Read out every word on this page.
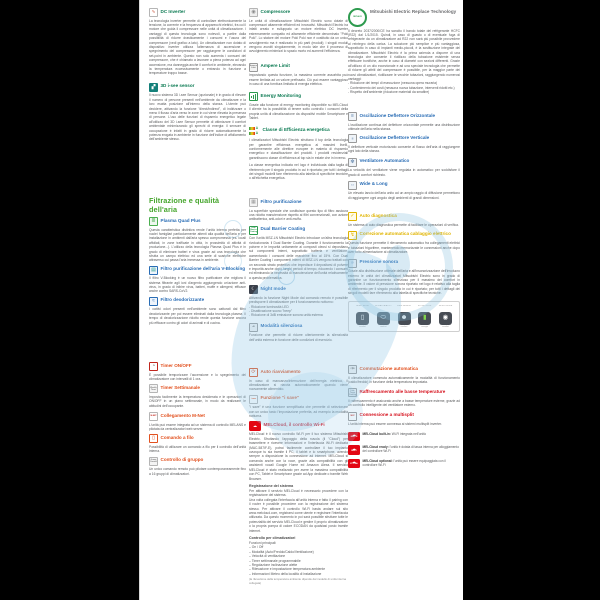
∿ DC Inverter

La tecnologia inverter permette di controllare elettronicamente la tensione, la corrente e la frequenza di apparecchi elettrici, fra cui il motore che guida il compressore nelle unità di climatizzazione. I vantaggi di questa tecnologia sono notevoli, a partire dalla possibilità di ridurre drasticamente i consumi e l'usura del compressore (vedi grafico a lato). Un climatizzatore non dotato di dispositivo inverter utilizza l'alternanza di accensione e spegnimento del compressore per raggiungere le condizioni di set-point in ambiente. Questo non solo aumenta i consumi del compressore, che è chiamato a lavorare a piena potenza ad ogni accensione, ma danneggia anche il comfort in ambiente, elevando la temperatura eccessivamente o entrando in funzione a temperature troppo basse.

▞ 3D i-see sensor

Il nuovo sistema 3D i-see Sensor (opzionale) è in grado di rilevare il numero di persone presenti nell'ambiente da climatizzare e la loro esatta posizione all'interno della stanza. L'utente può decidere, attivando la funzione "direct/indirect", di indirizzare o meno il flusso d'aria verso le zone in cui viene rilevata la presenza di persone. L'uso delle funzioni di risparmio energetico legate all'utilizzo del 3D i-see Sensor permette di ottimizzare il comfort ambientale minimizzando gli sprechi di energia: il sensore di occupazione è infatti in grado di ridurre automaticamente la potenza erogata in ambiente in funzione dell'indice di affollamento dell'ambiente stesso.

Filtrazione e qualità dell'aria
≣ Plasma Quad Plus

Questa caratteristica distintiva rende l'unità interna perfetta per nuclei famigliari particolarmente attenti alla qualità dell'aria e per installazione in ambienti dall'aria spesso compromessa (es. locali affollati, in zone trafficate in città, in prossimità di attività di produzione...). L'utilizzo della tecnologia Plasma Quad Plus è in grado di eliminare batteri e virus grazie ad una tecnologia che sfrutta un campo elettrico ed una serie di scariche elettriche attraverso cui passa l'aria immessa in ambiente.

▤ Filtro purificazione dell'aria V-Blocking

Il filtro V-Blocking è un nuovo filtro purificatore che migliora il sistema filtrante agli ioni d'argento aggiungendo un'azione anti-virus, in grado di inibire virus, batteri, muffe e allergeni; efficace anche contro SARS-CoV2.

≈ Filtro deodorizzante

I cattivi odori presenti nell'ambiente sono catturati dal filtro deodorizzante per poi essere eliminati dalla tecnologia plasma. Il tempo di deodorizzazione ridotto rende questa funzione ancora più efficace contro gli odori di animali e di cucina.

◔ Timer ON/OFF

È possibile temporizzare l'accensione e lo spegnimento del climatizzatore con intervalli di 1 ora.

Weekly Timer Timer Settimanale

Imposta facilmente la temperatura desiderata e le operazioni di ON/OFF in un piano settimanale, in modo da realizzare le abitudini dell'occupante.

M-NET Collegamento M-Net

L'unità può essere integrata ad un sistema di controllo MELANS e pilotata da centralizzatori web server.

▯ Comando a filo

Possibilità di utilizzare un comando a filo per il controllo dell'unità interna.

Group Control Controllo di gruppo

Un unico comando remoto può pilotare contemporaneamente fino a 16 gruppi di climatizzatori.

◉ Compressore

Le unità di climatizzazione Mitsubishi Electric sono dotate di compressori altamente efficienti ed innovativi. Mitsubishi Electric ha infatti creato e sviluppato un motore elettrico DC Inverter estremamente compatto ed altamente efficiente denominato "Poki Poki". Lo statore del motore Poki Poki non è costituito da un unico avvolgimento ma è realizzato in più parti (moduli); i singoli moduli vengono avvolti singolarmente, in modo tale che il processo di avvolgimento minimizzi lo spazio morto ed aumenti l'efficienza.

Ampere Limit Ampere Limit

Impostando questa funzione, la massima corrente assorbita può essere limitata ad un valore prefissato. Ciò può essere vantaggioso in caso di una fornitura limitata di energia elettrica.

Energy Monitoring

Grazie alla funzione di energy monitoring disponibile su MELCloud il cliente ha la possibilità di tenere sotto controllo i consumi della propria unità di climatizzazione da dispositivi mobile Smartphone e Tablet.

A
A
Classe di Efficienza energetica

I climatizzatori Mitsubishi Electric sfruttano il top della tecnologia per garantire efficienza energetica ai massimi livelli, conformemente alle direttive europee in materia di risparmio energetico e classificazione dei prodotti. I prodotti residenziali garantiscono classe di efficienza al top sia in estate che in inverno.

La classe energetica indicata nel logo è individuata dalla taglia di riferimento per il singolo prodotto in cui è riportata; per tutti i dettagli dei singoli modelli fare riferimento alla tabella di specifiche tecniche o all'etichetta energetica.

▦ Filtro purificazione

La superficie speciale che costituisce questo tipo di filtro assicura una ridotta manutenzione rispetto ai filtri convenzionali, con azione antibatterica, anti-odori e anti-muffa.

Dual Barrier Coating
Dual Barrier Coating

Con l'unità MSZ-LN Mitsubishi Electric introduce un'altra tecnologia rivoluzionaria: il Dual Barrier Coating. Durante il funzionamento la polvere e le impurità unitamente ai composti oleosi si depositano sui componenti interni, soprattutto batteria e ventilatore, aumentando i consumi delle macchine fino al 15%. Con Dual Barrier Coating i componenti interni di MSZ-LN vengono trattati con un secondo strato protettivo che impedisce il depositarsi di polvere e impurità anche dopo lunghi periodi di tempo, riducendo i consumi ed eliminando la necessità di manutenzione dell'unità relativamente a questa problematica.

☾ Night mode

Attivando la funzione Night Mode dal comando remoto è possibile predisporre il climatizzatore per il funzionamento notturno:

- Riduzione luminosità LED
- Disattivazione suono "beep"
- Riduzione di 3dB emissione sonora unità esterna
dB Modalità silenziosa

Funzione che permette di ridurre ulteriormente la silenziosità dell'unità esterna in funzione delle condizioni di esercizio.

⟳ Auto riavviamento

In caso di mancanza/interruzione dell'energia elettrica, il climatizzatore si riavvia automaticamente quando viene nuovamente alimentato.

i save Funzione "i save"

"i save" è una funzione semplificata che permette di selezionare con un unico tasto l'impostazione preferita, ad esempio la modalità notturna.

☁ MELCloud, il controllo Wi-Fi

MELCloud è il nuovo controllo Wi-Fi per il tuo sistema Mitsubishi Electric. Sfruttando l'appoggio della nuvola (il "Cloud") per trasmettere e ricevere informazioni e l'interfaccia Wi-Fi dedicata (MAC-587IF-E), potrai facilmente controllare il tuo impianto ovunque tu sia tramite il PC, il tablet e lo smartphone, avendo sempre a disposizione la connessione ad internet. MELCloud si comanda anche con la voce, grazie alla compatibilità con gli assistenti vocali Google Home ed Amazon Alexa. Il servizio MELCloud è stato realizzato per avere la massima compatibilità con PC, Tablet e Smartphone grazie ad App dedicate o tramite Web Browser.

Registrazione del sistema

Per attivare il servizio MELCloud è necessario procedere con la registrazione del sistema.

Una volta collegata l'interfaccia all'unità interna e fatto il pairing con il router è possibile procedere con la registrazione del sistema stesso. Per attivare il controllo Wi-Fi basta andare sul sito www.melcloud.com, registrarsi come utente e registrare l'interfaccia utilizzata. Da questo momento in poi sarà possibile sfruttare tutte le potenzialità del servizio MELCloud e gestire il proprio climatizzatore o la propria pompa di calore ECODAN da qualsiasi posto tramite internet.

Controllo per climatizzatori

Funzioni principali:

– On / Off
– Modalità (Auto/Freddo/Caldo/Ventilazione)
– Velocità di ventilazione
– Timer settimanale programmabile
– Regolazione inclinazione alette
– Rilevazione e impostazione temperatura ambiente
– Informazioni Meteo della località di installazione
(la rilevazione della temperatura ambiente dipende dal modello di unità interna collegata)
REPLACE
Mitsubishi Electric Replace Technology

Il decreto 2037/2000/CE ha sancito il bando totale del refrigerante HCFC (R22) dal 1/1/2015. Quindi, in caso di guasto o di eventuale fuga di refrigerante da un climatizzatore ad R22 non sarà più possibile provvedere al reintegro della carica. La soluzione più semplice e più vantaggiosa, soprattutto in caso di impianti medio-piccoli, è la sostituzione integrale del climatizzatore. Mitsubishi Electric è la prima azienda a disporre di una tecnologia che consente il riutilizzo della tubazione esistente senza effettuare bonifiche, anche in caso di diametri con sezioni differenti. Grazie all'utilizzo di un olio eccezionale e ad una speciale tecnologia che permette di ridurre gli attriti del compressore è possibile, per la maggior parte dei nuovi climatizzatori, riutilizzare le vecchie tubazioni, raggiungendo numerosi vantaggi:

- Riduzione dei tempi di esecuzione (nessuna opera muraria)
- Contenimento dei costi (nessuna nuova tubazione, interventi ridotti etc.)
- Rispetto dell'ambiente (riduzione materiali da smaltire)
≡ Oscillazione Deflettore Orizzontale

L'oscillazione continua del deflettore orizzontale permette una distribuzione ottimale dell'aria nella stanza.

||| Oscillazione Deflettore Verticale

Il deflettore verticale motorizzato consente al flusso dell'aria di raggiungere ogni lato della stanza.

✻ Ventilatore Automatico

La velocità del ventilatore viene regolata in automatico per soddisfare il grado di comfort richiesto.

⇔ Wide & Long

Un elevato lancio dell'aria unito ad un ampio raggio di diffusione permettono di raggiungere ogni angolo degli ambienti di grandi dimensioni.

✓ Auto diagnostica

Un sistema di auto diagnostica permette di facilitare le operazioni di verifica.

↯ Correzione automatica cablaggio elettrico

Questa funzione permette il rilevamento automatico fra collegamenti elettrici e tubazioni frigorifere, mantenendo memorizzate le connessioni anche dopo aver tolto alimentazione al climatizzatore.

))) Pressione sonora

Grazie alla distribuzione ottimale dell'aria e all'insonorizzazione dell'involucro esterno le unità dei climatizzatori Mitsubishi Electric sono in grado di garantire un funzionamento silenzioso per il massimo del comfort in ambiente. Il valore di pressione sonora riportato nel logo è relativo alla taglia di riferimento per il singolo prodotto in cui è riportato; per tutti i dettagli dei singoli modelli fare riferimento alla tabella di specifiche tecniche.

NIGHT MODE
▯
comfort
MODALITÀ AUTO
⬭
comfort
I-SEE SENSOR
☻
comfort
ECONO COOL
▮
energia
SILENT MODE
◉
comfort
C⇄H Commutazione automatica

Il climatizzatore commuta automaticamente la modalità di funzionamento (caldo/freddo) in funzione della temperatura impostata.

Low Temp Cooling
Raffrescamento alle basse temperature

Il raffrescamento è assicurato anche a basse temperature esterne, grazie ad un controllo intelligente del ventilatore esterno.

MXZ Connessione a multisplit

L'unità interna può essere connessa ai sistemi multisplit inverter.

☁
BUILT IN
MELCloud built-in: Wi-Fi integrata nell'unità
☁
READY
MELCloud ready: l'unità è dotata di tasca interna per alloggiamento del controllore Wi-Fi
☁
OPTIONAL
MELCloud optional: l'unità può essere equipaggiata con il controllore Wi-Fi
